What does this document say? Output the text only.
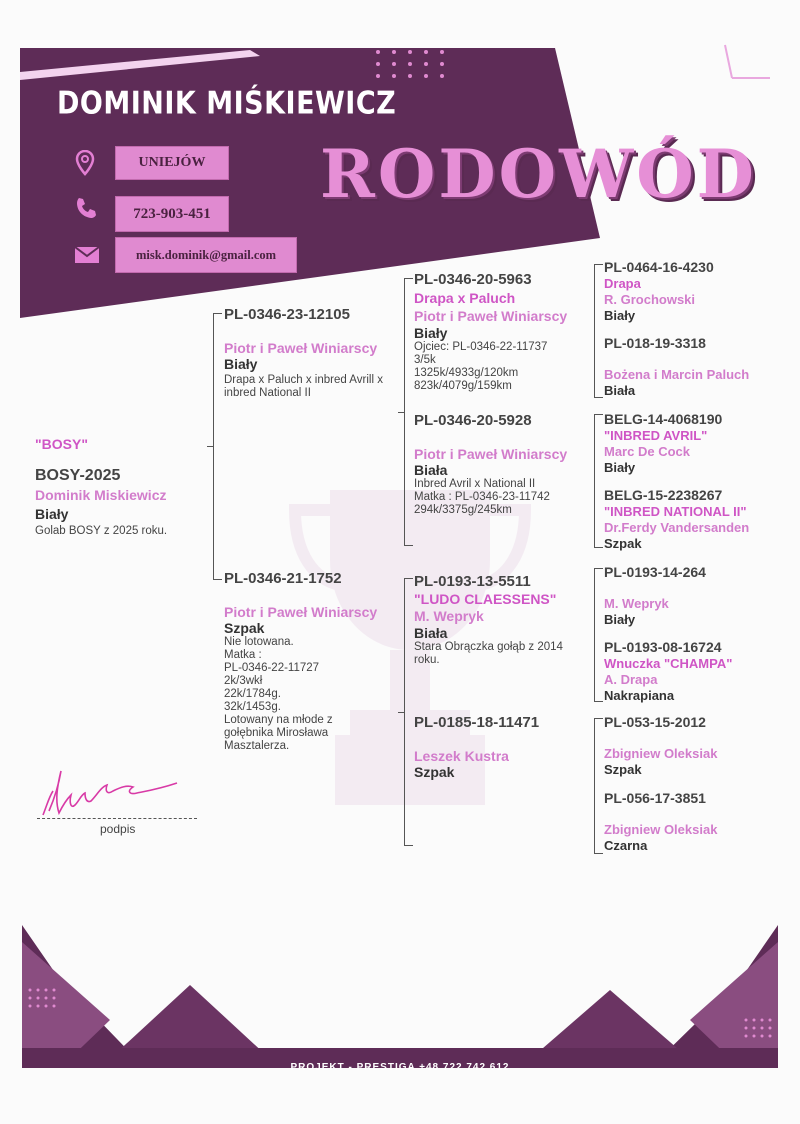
DOMINIK MIŚKIEWICZ
UNIEJÓW
723-903-451
misk.dominik@gmail.com
RODOWÓD
"BOSY"
BOSY-2025
Dominik Miskiewicz
Biały
Golab BOSY z 2025 roku.
PL-0346-23-12105
Piotr i Paweł Winiarscy
Biały
Drapa x Paluch x inbred Avrill x
inbred National II
PL-0346-21-1752
Piotr i Paweł Winiarscy
Szpak
Nie lotowana.
Matka :
PL-0346-22-11727
2k/3wkł
22k/1784g.
32k/1453g.
Lotowany na młode z
gołębnika Mirosława
Masztalerza.
PL-0346-20-5963
Drapa x Paluch
Piotr i Paweł Winiarscy
Biały
Ojciec: PL-0346-22-11737
3/5k
1325k/4933g/120km
823k/4079g/159km
PL-0346-20-5928
Piotr i Paweł Winiarscy
Biała
Inbred Avril x National II
Matka : PL-0346-23-11742
294k/3375g/245km
PL-0193-13-5511
"LUDO CLAESSENS"
M. Wepryk
Biała
Stara Obrączka gołąb z 2014
roku.
PL-0185-18-11471
Leszek Kustra
Szpak
PL-0464-16-4230
Drapa
R. Grochowski
Biały
PL-018-19-3318
Bożena i Marcin Paluch
Biała
BELG-14-4068190
"INBRED AVRIL"
Marc De Cock
Biały
BELG-15-2238267
"INBRED NATIONAL II"
Dr.Ferdy Vandersanden
Szpak
PL-0193-14-264
M. Wepryk
Biały
PL-0193-08-16724
Wnuczka "CHAMPA"
A. Drapa
Nakrapiana
PL-053-15-2012
Zbigniew Oleksiak
Szpak
PL-056-17-3851
Zbigniew Oleksiak
Czarna
podpis
PROJEKT - PRESTIGA +48 722 742 612
